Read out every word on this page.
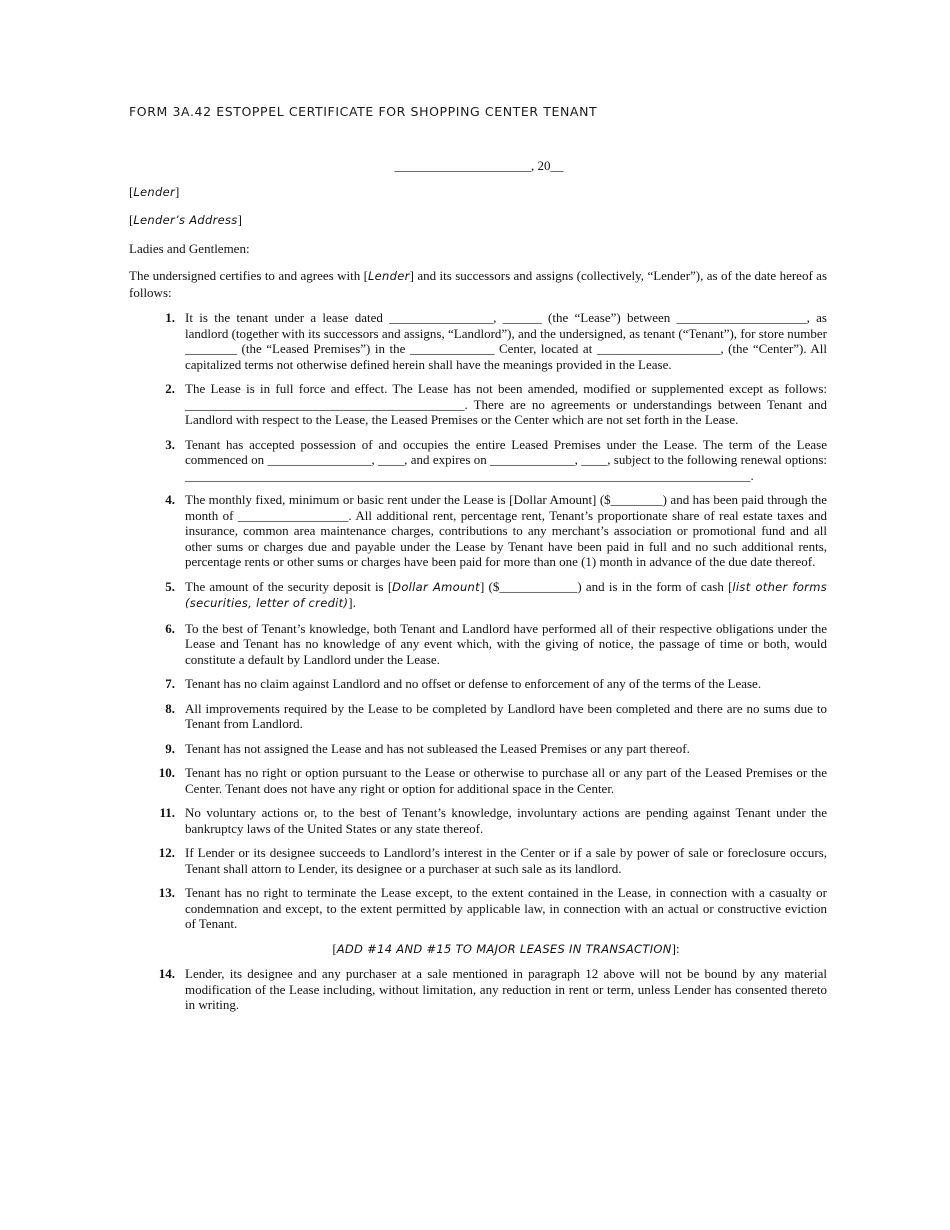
FORM 3A.42 ESTOPPEL CERTIFICATE FOR SHOPPING CENTER TENANT
_____________________, 20__
[Lender]
[Lender’s Address]
Ladies and Gentlemen:
The undersigned certifies to and agrees with [Lender] and its successors and assigns (collectively, “Lender”), as of the date hereof as follows:
1. It is the tenant under a lease dated ________________, ______ (the “Lease”) between ____________________, as landlord (together with its successors and assigns, “Landlord”), and the undersigned, as tenant (“Tenant”), for store number ________ (the “Leased Premises”) in the _____________ Center, located at ___________________, (the “Center”). All capitalized terms not otherwise defined herein shall have the meanings provided in the Lease.
2. The Lease is in full force and effect. The Lease has not been amended, modified or supplemented except as follows: ___________________________________________. There are no agreements or understandings between Tenant and Landlord with respect to the Lease, the Leased Premises or the Center which are not set forth in the Lease.
3. Tenant has accepted possession of and occupies the entire Leased Premises under the Lease. The term of the Lease commenced on ________________, ____, and expires on _____________, ____, subject to the following renewal options: _______________________________________________________________________________________.
4. The monthly fixed, minimum or basic rent under the Lease is [Dollar Amount] ($________) and has been paid through the month of _________________. All additional rent, percentage rent, Tenant’s proportionate share of real estate taxes and insurance, common area maintenance charges, contributions to any merchant’s association or promotional fund and all other sums or charges due and payable under the Lease by Tenant have been paid in full and no such additional rents, percentage rents or other sums or charges have been paid for more than one (1) month in advance of the due date thereof.
5. The amount of the security deposit is [Dollar Amount] ($____________) and is in the form of cash [list other forms (securities, letter of credit)].
6. To the best of Tenant’s knowledge, both Tenant and Landlord have performed all of their respective obligations under the Lease and Tenant has no knowledge of any event which, with the giving of notice, the passage of time or both, would constitute a default by Landlord under the Lease.
7. Tenant has no claim against Landlord and no offset or defense to enforcement of any of the terms of the Lease.
8. All improvements required by the Lease to be completed by Landlord have been completed and there are no sums due to Tenant from Landlord.
9. Tenant has not assigned the Lease and has not subleased the Leased Premises or any part thereof.
10. Tenant has no right or option pursuant to the Lease or otherwise to purchase all or any part of the Leased Premises or the Center. Tenant does not have any right or option for additional space in the Center.
11. No voluntary actions or, to the best of Tenant’s knowledge, involuntary actions are pending against Tenant under the bankruptcy laws of the United States or any state thereof.
12. If Lender or its designee succeeds to Landlord’s interest in the Center or if a sale by power of sale or foreclosure occurs, Tenant shall attorn to Lender, its designee or a purchaser at such sale as its landlord.
13. Tenant has no right to terminate the Lease except, to the extent contained in the Lease, in connection with a casualty or condemnation and except, to the extent permitted by applicable law, in connection with an actual or constructive eviction of Tenant.
[ADD #14 AND #15 TO MAJOR LEASES IN TRANSACTION]:
14. Lender, its designee and any purchaser at a sale mentioned in paragraph 12 above will not be bound by any material modification of the Lease including, without limitation, any reduction in rent or term, unless Lender has consented thereto in writing.
